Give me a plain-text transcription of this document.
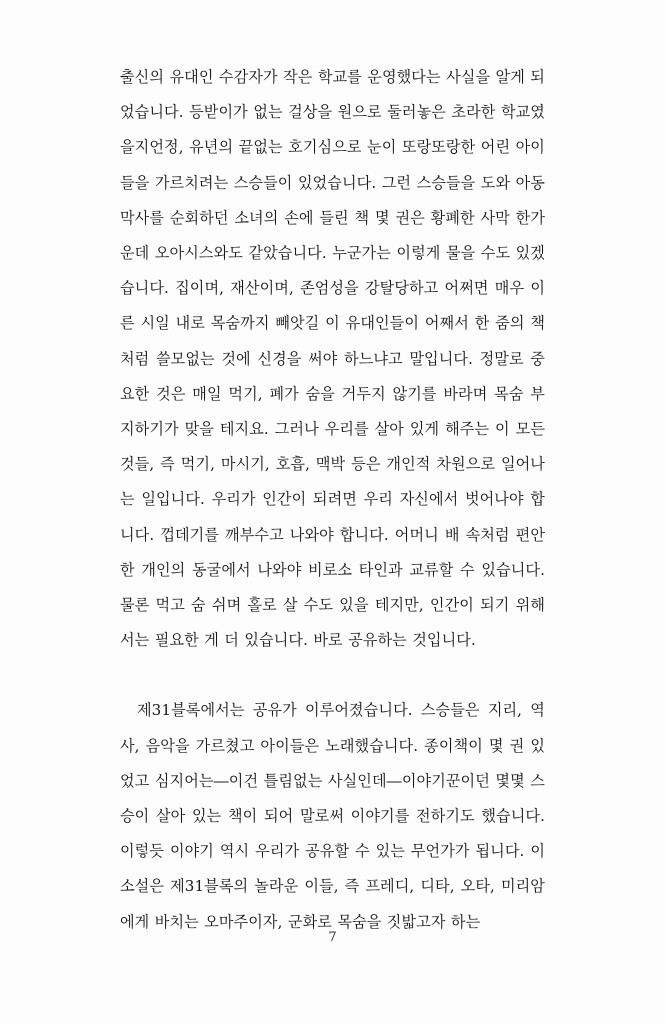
출신의 유대인 수감자가 작은 학교를 운영했다는 사실을 알게 되었습니다. 등받이가 없는 걸상을 원으로 둘러놓은 초라한 학교였을지언정, 유년의 끝없는 호기심으로 눈이 또랑또랑한 어린 아이들을 가르치려는 스승들이 있었습니다. 그런 스승들을 도와 아동 막사를 순회하던 소녀의 손에 들린 책 몇 권은 황폐한 사막 한가운데 오아시스와도 같았습니다. 누군가는 이렇게 물을 수도 있겠습니다. 집이며, 재산이며, 존엄성을 강탈당하고 어쩌면 매우 이른 시일 내로 목숨까지 빼앗길 이 유대인들이 어째서 한 줌의 책처럼 쓸모없는 것에 신경을 써야 하느냐고 말입니다. 정말로 중요한 것은 매일 먹기, 폐가 숨을 거두지 않기를 바라며 목숨 부지하기가 맞을 테지요. 그러나 우리를 살아 있게 해주는 이 모든 것들, 즉 먹기, 마시기, 호흡, 맥박 등은 개인적 차원으로 일어나는 일입니다. 우리가 인간이 되려면 우리 자신에서 벗어나야 합니다. 껍데기를 깨부수고 나와야 합니다. 어머니 배 속처럼 편안한 개인의 동굴에서 나와야 비로소 타인과 교류할 수 있습니다. 물론 먹고 숨 쉬며 홀로 살 수도 있을 테지만, 인간이 되기 위해서는 필요한 게 더 있습니다. 바로 공유하는 것입니다.

제31블록에서는 공유가 이루어졌습니다. 스승들은 지리, 역사, 음악을 가르쳤고 아이들은 노래했습니다. 종이책이 몇 권 있었고 심지어는―이건 틀림없는 사실인데―이야기꾼이던 몇몇 스승이 살아 있는 책이 되어 말로써 이야기를 전하기도 했습니다. 이렇듯 이야기 역시 우리가 공유할 수 있는 무언가가 됩니다. 이 소설은 제31블록의 놀라운 이들, 즉 프레디, 디타, 오타, 미리암에게 바치는 오마주이자, 군화로 목숨을 짓밟고자 하는

7
